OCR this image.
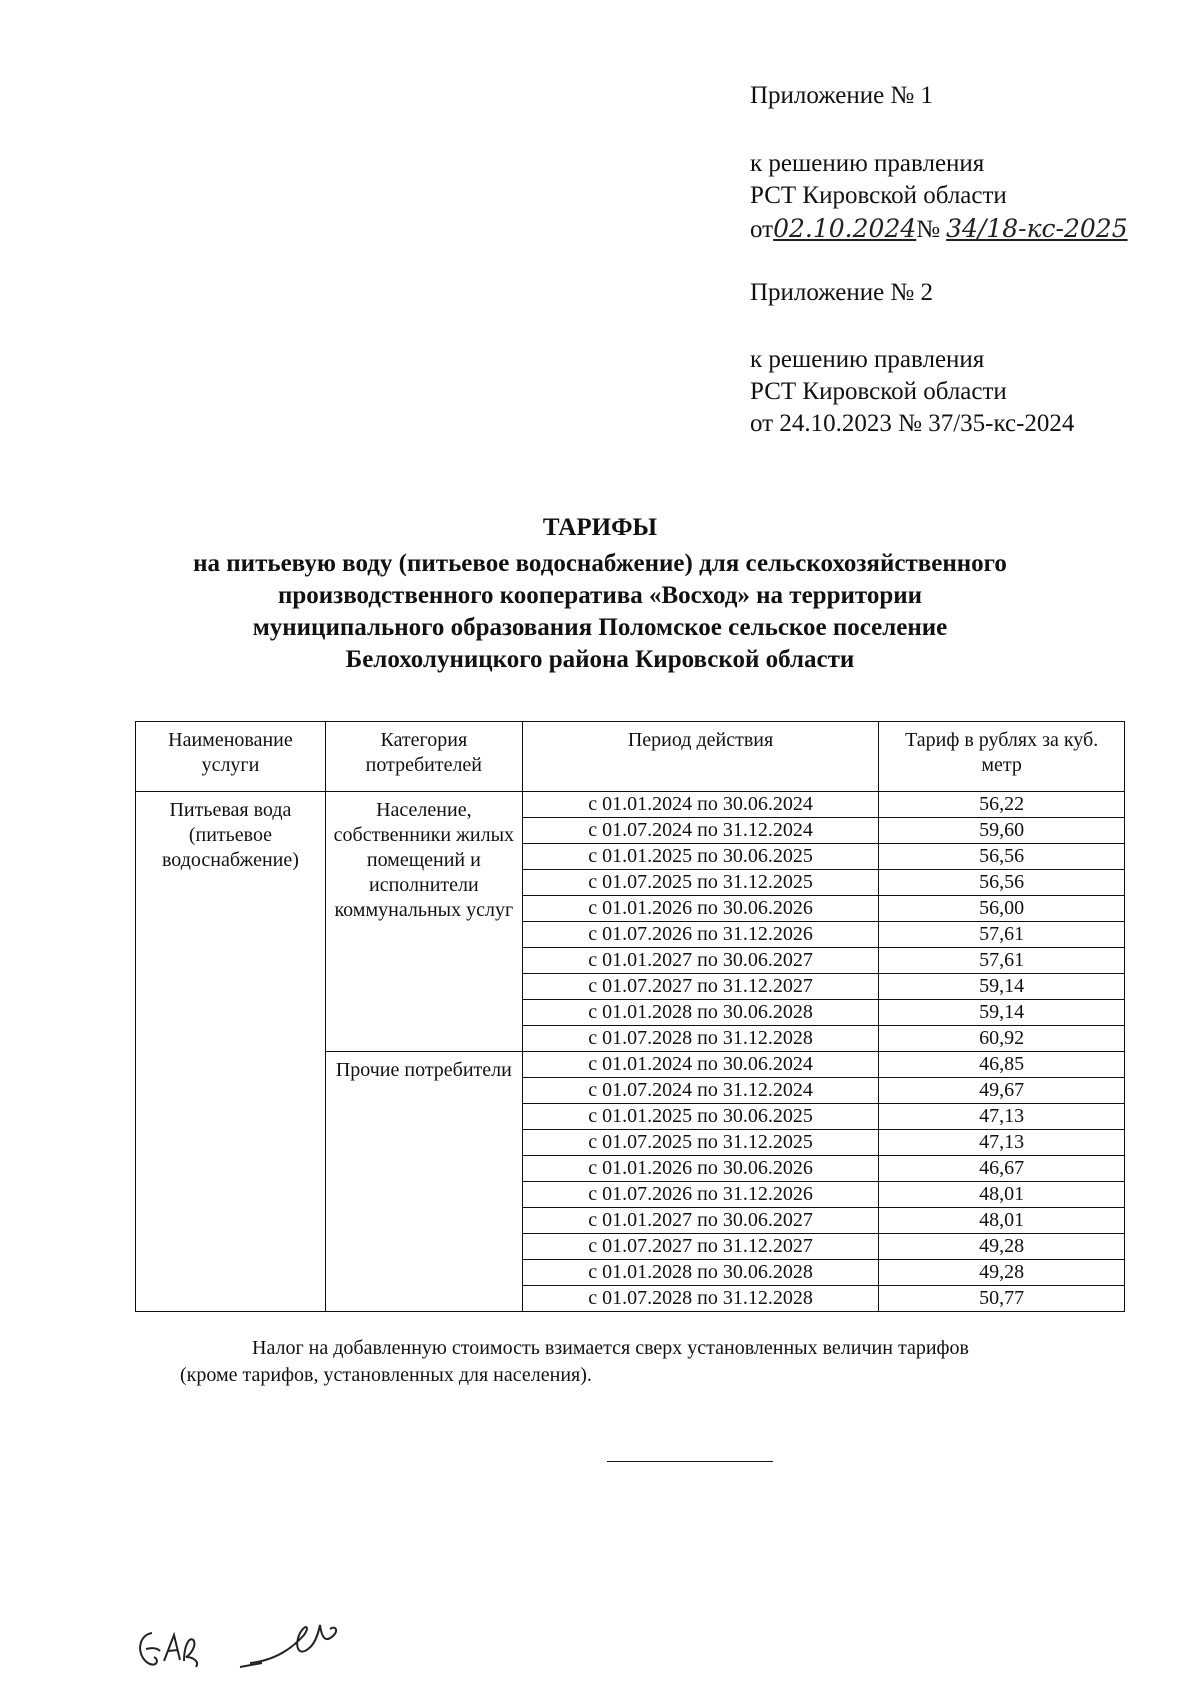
Приложение № 1
к решению правления
РСТ Кировской области
от02.10.2024№ 34/18-кс-2025
Приложение № 2
к решению правления
РСТ Кировской области
от 24.10.2023 № 37/35-кс-2024
ТАРИФЫ
на питьевую воду (питьевое водоснабжение) для сельскохозяйственного
производственного кооператива «Восход» на территории
муниципального образования Поломское сельское поселение
Белохолуницкого района Кировской области
Наименование услуги	Категория потребителей	Период действия	Тариф в рублях за куб. метр
Питьевая вода (питьевое водоснабжение)	Население, собственники жилых помещений и исполнители коммунальных услуг	с 01.01.2024 по 30.06.2024	56,22
		с 01.07.2024 по 31.12.2024	59,60
		с 01.01.2025 по 30.06.2025	56,56
		с 01.07.2025 по 31.12.2025	56,56
		с 01.01.2026 по 30.06.2026	56,00
		с 01.07.2026 по 31.12.2026	57,61
		с 01.01.2027 по 30.06.2027	57,61
		с 01.07.2027 по 31.12.2027	59,14
		с 01.01.2028 по 30.06.2028	59,14
		с 01.07.2028 по 31.12.2028	60,92
	Прочие потребители	с 01.01.2024 по 30.06.2024	46,85
		с 01.07.2024 по 31.12.2024	49,67
		с 01.01.2025 по 30.06.2025	47,13
		с 01.07.2025 по 31.12.2025	47,13
		с 01.01.2026 по 30.06.2026	46,67
		с 01.07.2026 по 31.12.2026	48,01
		с 01.01.2027 по 30.06.2027	48,01
		с 01.07.2027 по 31.12.2027	49,28
		с 01.01.2028 по 30.06.2028	49,28
		с 01.07.2028 по 31.12.2028	50,77
Налог на добавленную стоимость взимается сверх установленных величин тарифов
(кроме тарифов, установленных для населения).
